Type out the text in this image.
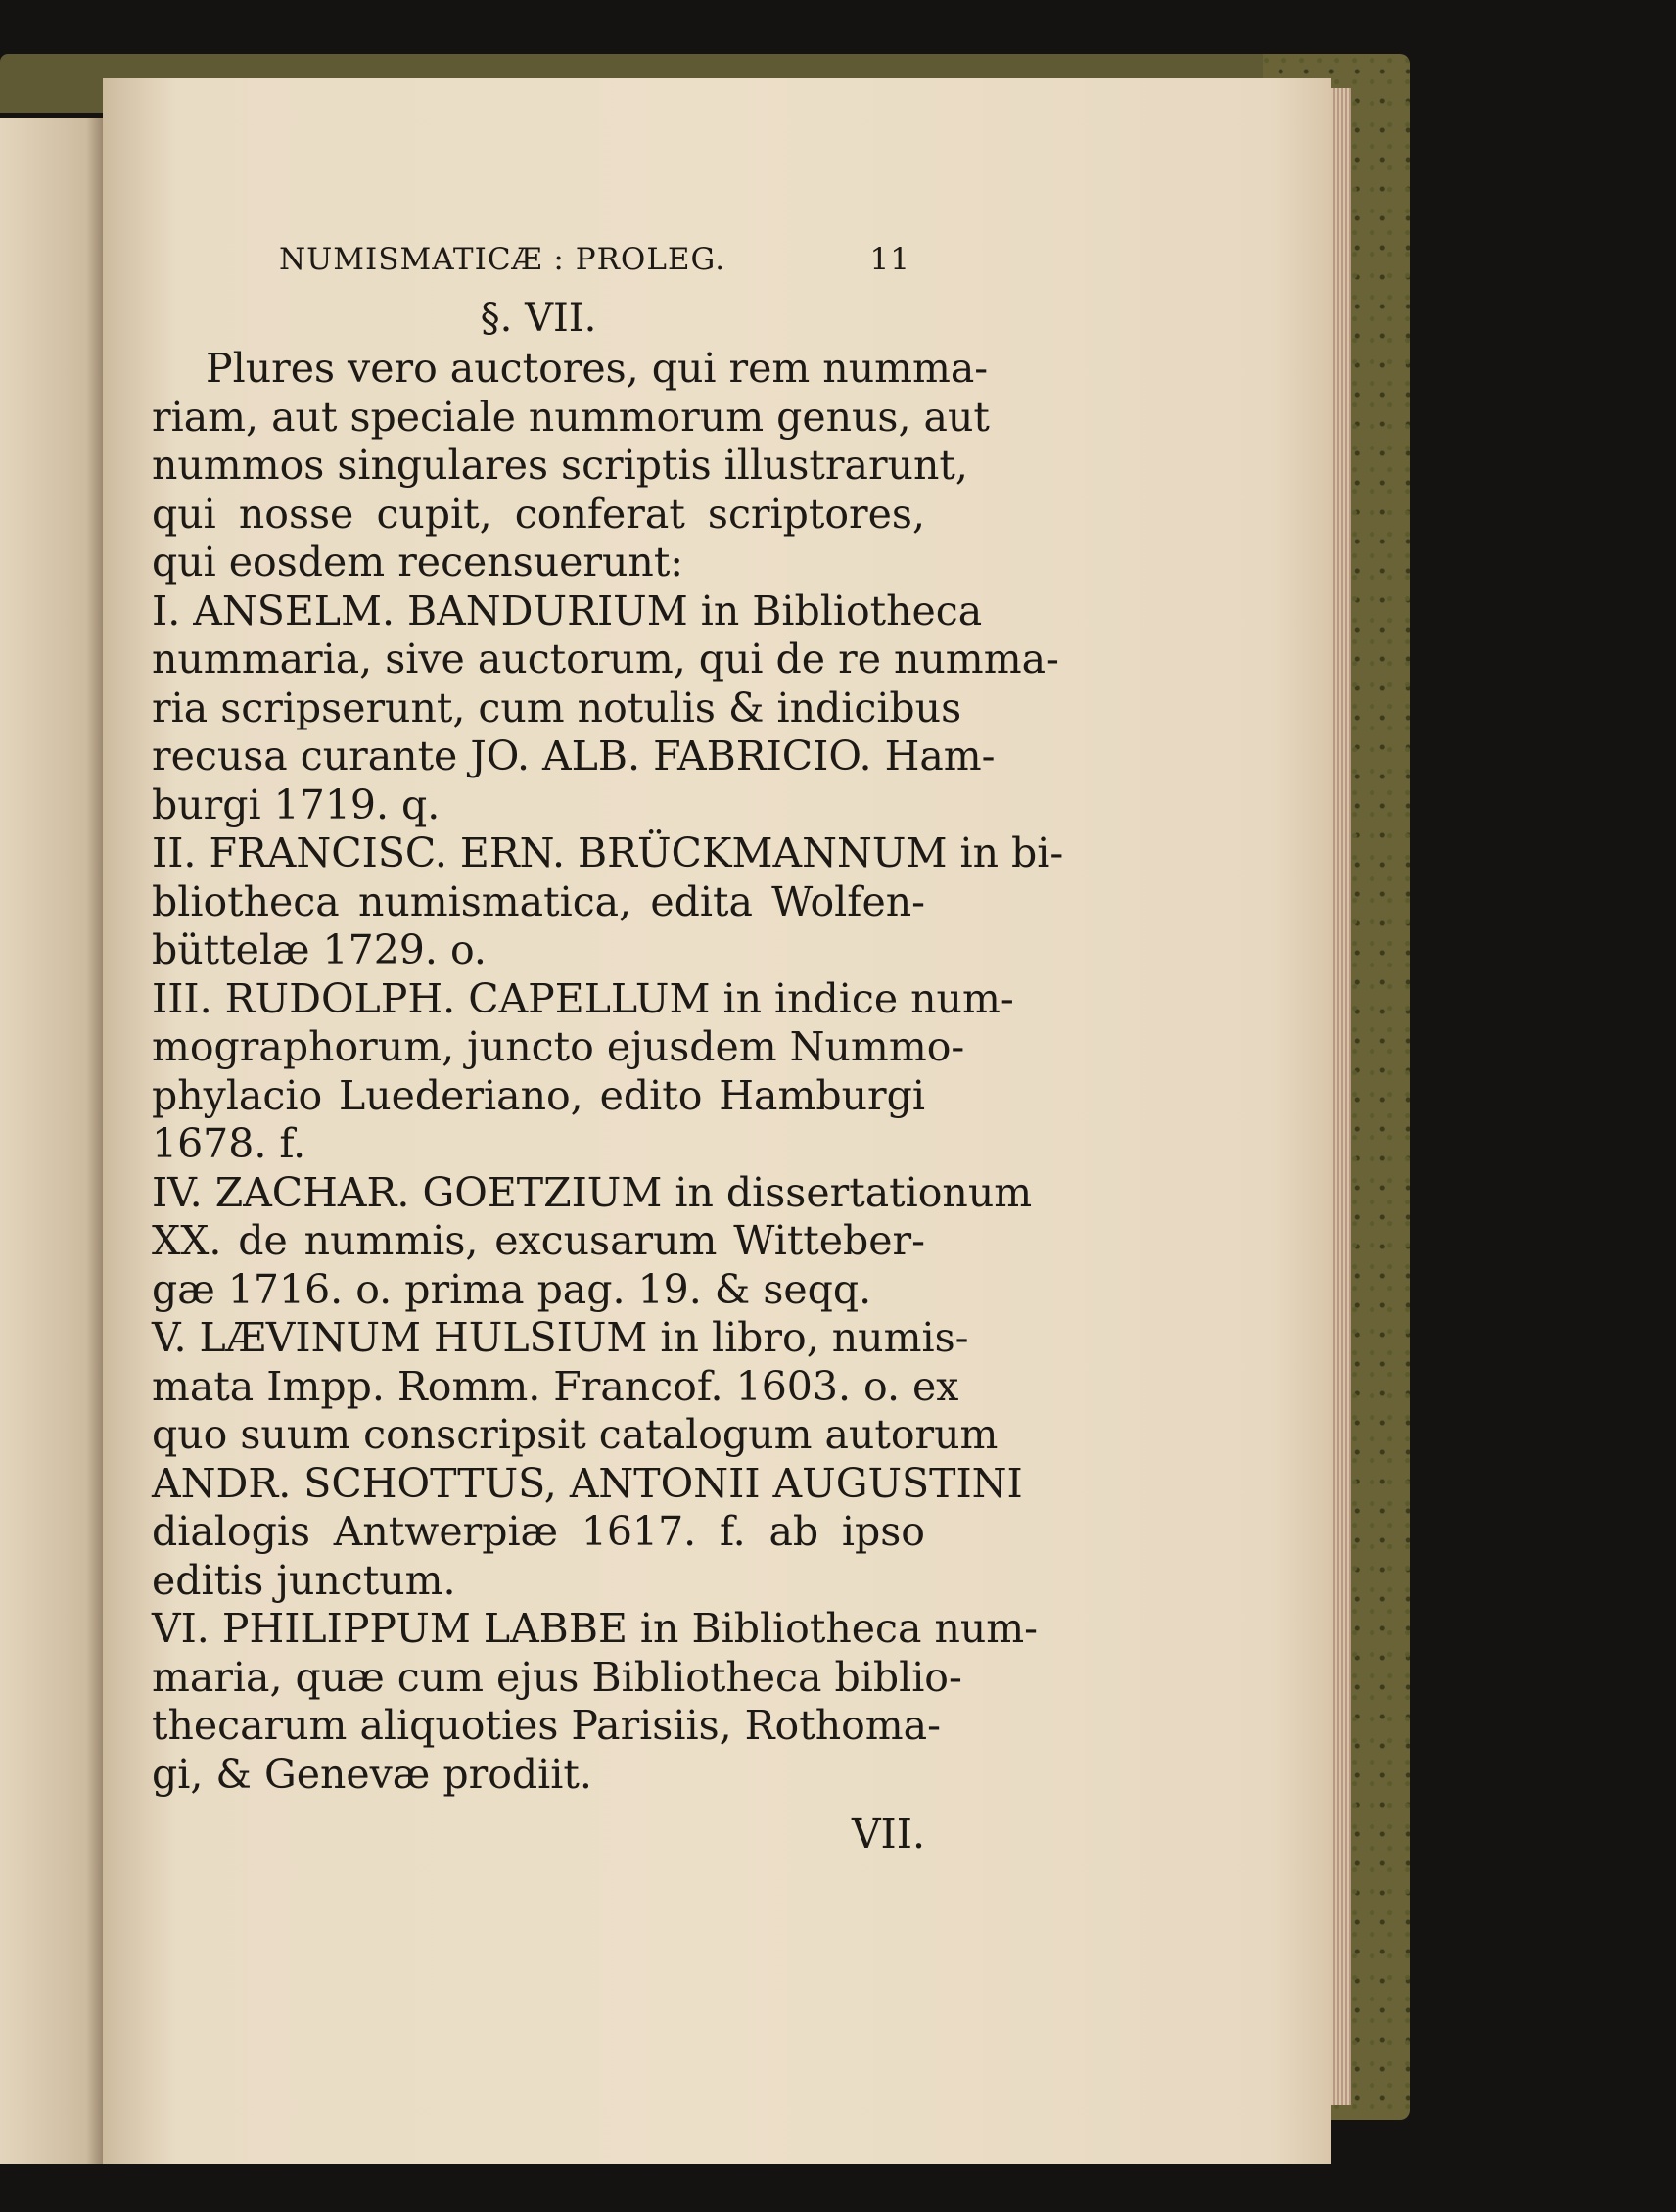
NUMISMATICÆ : PROLEG.	11
§. VII.
Plures vero auctores, qui rem numma-
riam, aut speciale nummorum genus, aut
nummos singulares scriptis illustrarunt,
qui nosse cupit, conferat scriptores,
qui eosdem recensuerunt:
I. ANSELM. BANDURIUM in Bibliotheca
nummaria, sive auctorum, qui de re numma-
ria scripserunt, cum notulis & indicibus
recusa curante JO. ALB. FABRICIO. Ham-
burgi 1719. q.
II. FRANCISC. ERN. BRÜCKMANNUM in bi-
bliotheca numismatica, edita Wolfen-
büttelæ 1729. o.
III. RUDOLPH. CAPELLUM in indice num-
mographorum, juncto ejusdem Nummo-
phylacio Luederiano, edito Hamburgi
1678. f.
IV. ZACHAR. GOETZIUM in dissertationum
XX. de nummis, excusarum Witteber-
gæ 1716. o. prima pag. 19. & seqq.
V. LÆVINUM HULSIUM in libro, numis-
mata Impp. Romm. Francof. 1603. o. ex
quo suum conscripsit catalogum autorum
ANDR. SCHOTTUS, ANTONII AUGUSTINI
dialogis Antwerpiæ 1617. f. ab ipso
editis junctum.
VI. PHILIPPUM LABBE in Bibliotheca num-
maria, quæ cum ejus Bibliotheca biblio-
thecarum aliquoties Parisiis, Rothoma-
gi, & Genevæ prodiit.
VII.
